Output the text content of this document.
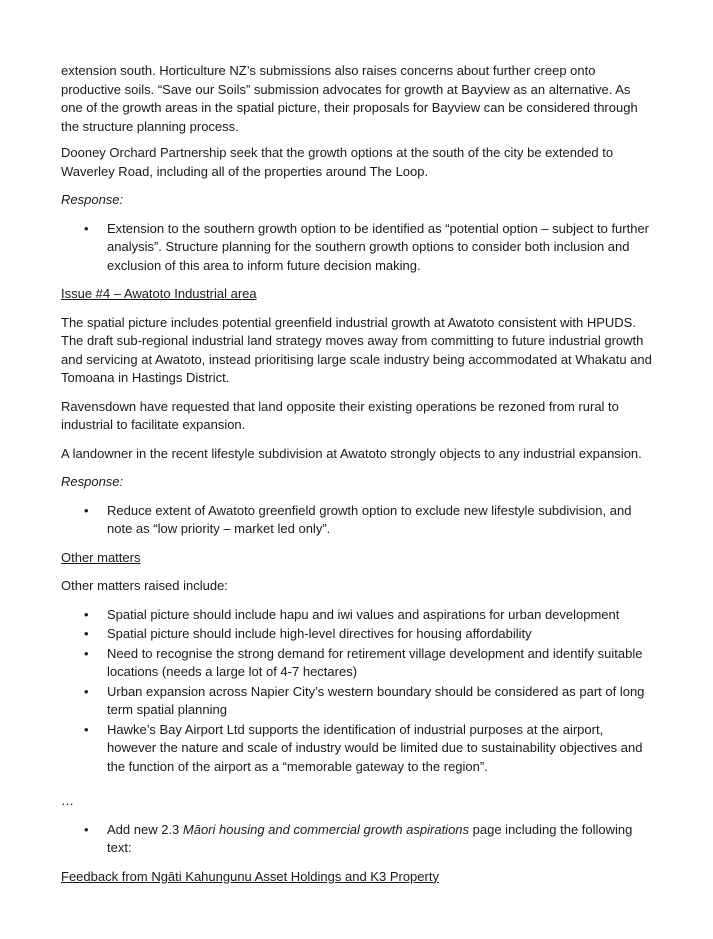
extension south. Horticulture NZ’s submissions also raises concerns about further creep onto productive soils. “Save our Soils” submission advocates for growth at Bayview as an alternative. As one of the growth areas in the spatial picture, their proposals for Bayview can be considered through the structure planning process.

Dooney Orchard Partnership seek that the growth options at the south of the city be extended to Waverley Road, including all of the properties around The Loop.

Response:

• Extension to the southern growth option to be identified as “potential option – subject to further analysis”. Structure planning for the southern growth options to consider both inclusion and exclusion of this area to inform future decision making.

Issue #4 – Awatoto Industrial area

The spatial picture includes potential greenfield industrial growth at Awatoto consistent with HPUDS. The draft sub-regional industrial land strategy moves away from committing to future industrial growth and servicing at Awatoto, instead prioritising large scale industry being accommodated at Whakatu and Tomoana in Hastings District.

Ravensdown have requested that land opposite their existing operations be rezoned from rural to industrial to facilitate expansion.

A landowner in the recent lifestyle subdivision at Awatoto strongly objects to any industrial expansion.

Response:

• Reduce extent of Awatoto greenfield growth option to exclude new lifestyle subdivision, and note as “low priority – market led only”.

Other matters

Other matters raised include:

• Spatial picture should include hapu and iwi values and aspirations for urban development
• Spatial picture should include high-level directives for housing affordability
• Need to recognise the strong demand for retirement village development and identify suitable locations (needs a large lot of 4-7 hectares)
• Urban expansion across Napier City’s western boundary should be considered as part of long term spatial planning
• Hawke’s Bay Airport Ltd supports the identification of industrial purposes at the airport, however the nature and scale of industry would be limited due to sustainability objectives and the function of the airport as a “memorable gateway to the region”.

…

• Add new 2.3 Māori housing and commercial growth aspirations page including the following text:

Feedback from Ngāti Kahungunu Asset Holdings and K3 Property
